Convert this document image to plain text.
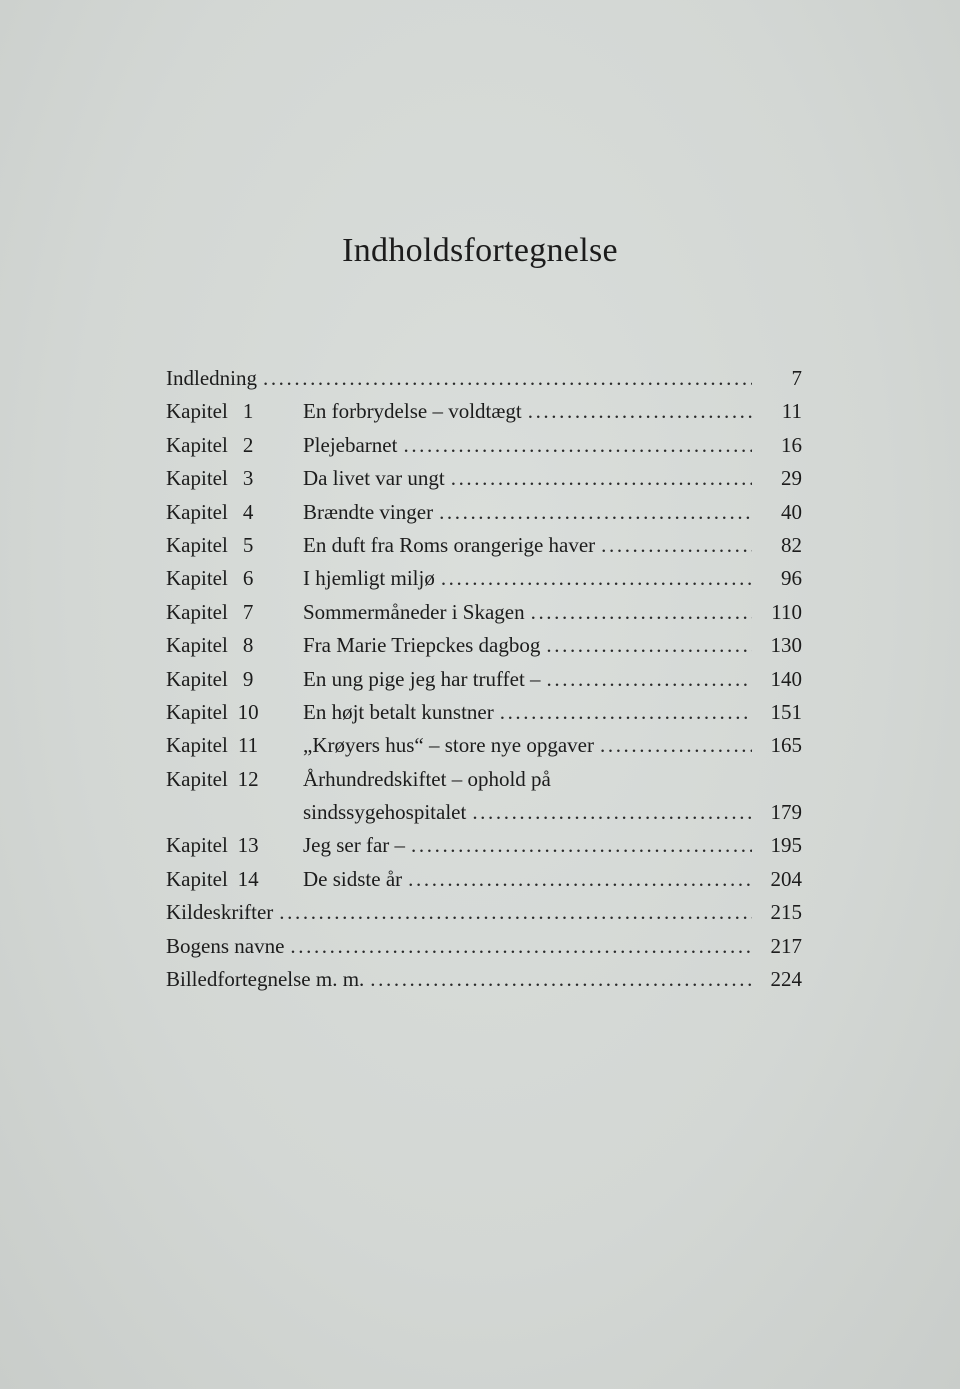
Indholdsfortegnelse
Indledning .....	7
Kapitel 1	En forbrydelse – voldtægt .....	11
Kapitel 2	Plejebarnet .....	16
Kapitel 3	Da livet var ungt .....	29
Kapitel 4	Brændte vinger .....	40
Kapitel 5	En duft fra Roms orangerige haver .....	82
Kapitel 6	I hjemligt miljø .....	96
Kapitel 7	Sommermåneder i Skagen .....	110
Kapitel 8	Fra Marie Triepckes dagbog .....	130
Kapitel 9	En ung pige jeg har truffet – .....	140
Kapitel 10 En højt betalt kunstner .....	151
Kapitel 11 „Krøyers hus“ – store nye opgaver .....	165
Kapitel 12 Århundredskiftet – ophold på
sindssygehospitalet .....	179
Kapitel 13 Jeg ser far – .....	195
Kapitel 14 De sidste år .....	204
Kildeskrifter .....	215
Bogens navne .....	217
Billedfortegnelse m. m. .....	224
